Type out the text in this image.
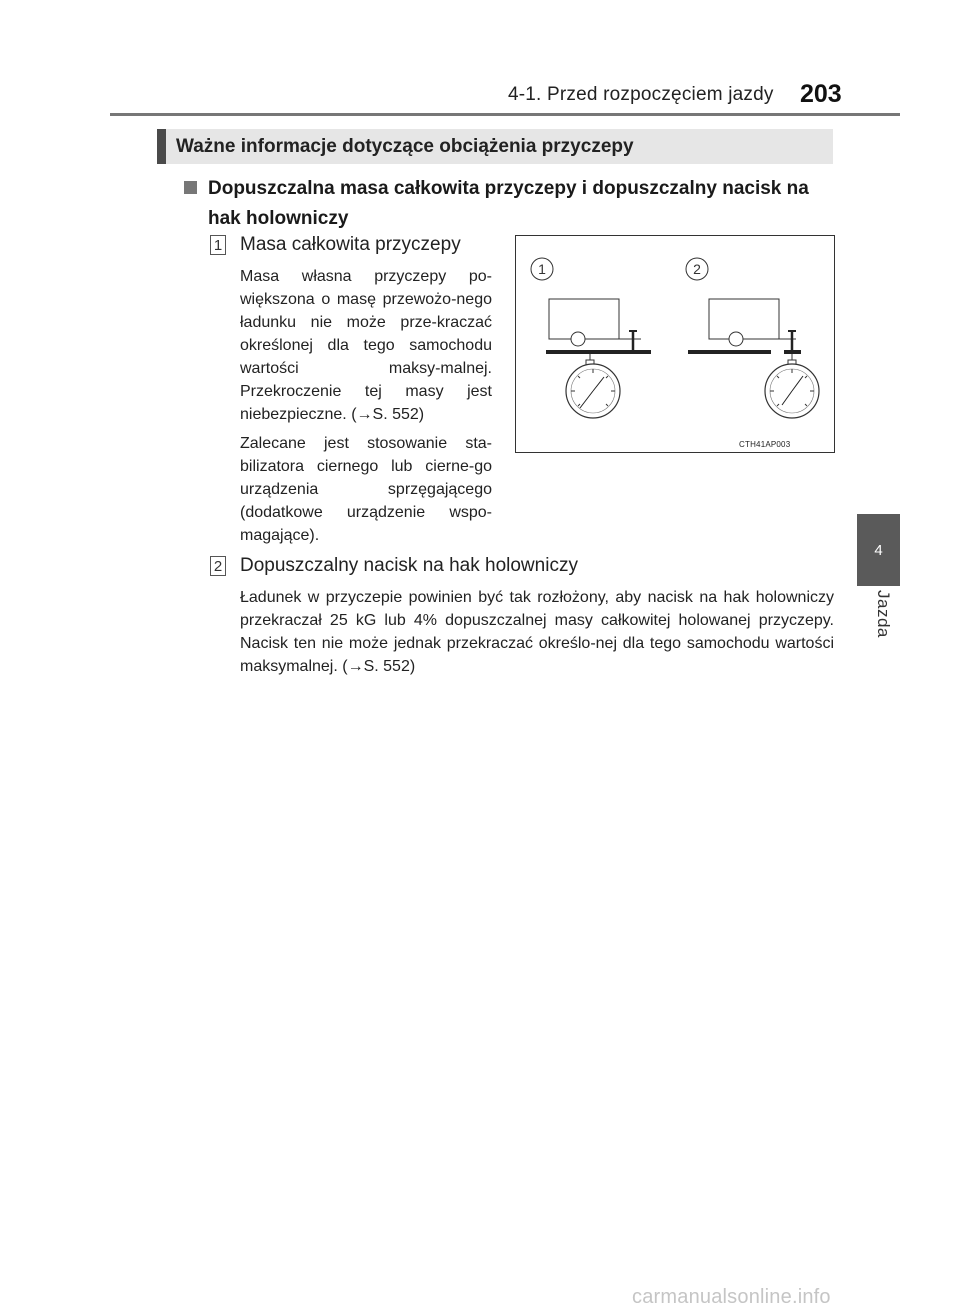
4-1. Przed rozpoczęciem jazdy 203
4
Jazda
Ważne informacje dotyczące obciążenia przyczepy
Dopuszczalna masa całkowita przyczepy i dopuszczalny nacisk na hak holowniczy
1 Masa całkowita przyczepy
Masa własna przyczepy po-większona o masę przewożo-nego ładunku nie może prze-kraczać określonej dla tego samochodu wartości maksy-malnej. Przekroczenie tej masy jest niebezpieczne. (→S. 552)
Zalecane jest stosowanie sta-bilizatora ciernego lub cierne-go urządzenia sprzęgającego (dodatkowe urządzenie wspo-magające).
1	2
CTH41AP003
2 Dopuszczalny nacisk na hak holowniczy
Ładunek w przyczepie powinien być tak rozłożony, aby nacisk na hak holowniczy przekraczał 25 kG lub 4% dopuszczalnej masy całkowitej holowanej przyczepy. Nacisk ten nie może jednak przekraczać określo-nej dla tego samochodu wartości maksymalnej. (→S. 552)
carmanualsonline.info
